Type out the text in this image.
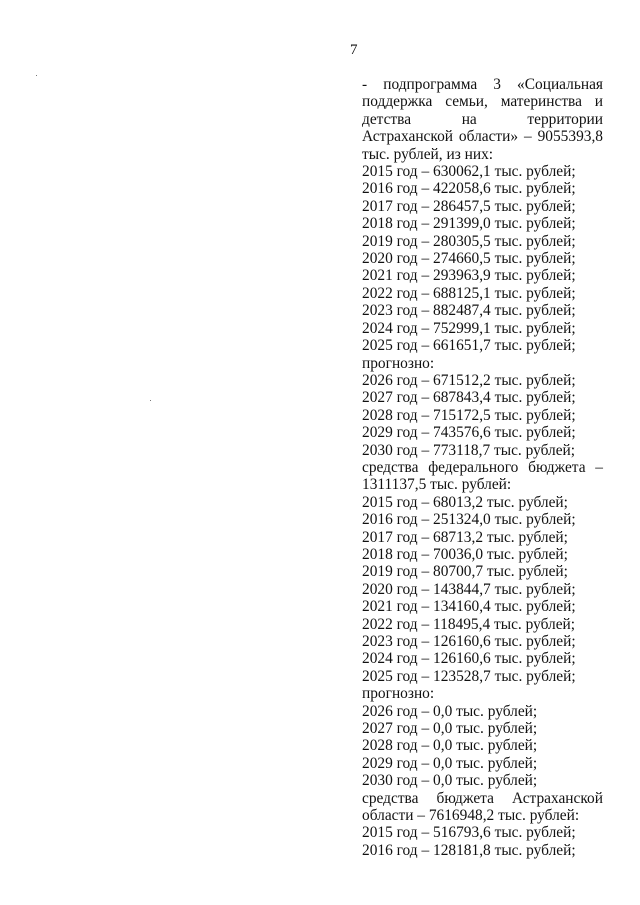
7
- подпрограмма 3 «Социальная поддержка семьи, материнства и детства на территории Астраханской области» – 9055393,8 тыс. рублей, из них:
2015 год – 630062,1 тыс. рублей;
2016 год – 422058,6 тыс. рублей;
2017 год – 286457,5 тыс. рублей;
2018 год – 291399,0 тыс. рублей;
2019 год – 280305,5 тыс. рублей;
2020 год – 274660,5 тыс. рублей;
2021 год – 293963,9 тыс. рублей;
2022 год – 688125,1 тыс. рублей;
2023 год – 882487,4 тыс. рублей;
2024 год – 752999,1 тыс. рублей;
2025 год – 661651,7 тыс. рублей;
прогнозно:
2026 год – 671512,2 тыс. рублей;
2027 год – 687843,4 тыс. рублей;
2028 год – 715172,5 тыс. рублей;
2029 год – 743576,6 тыс. рублей;
2030 год – 773118,7 тыс. рублей;
средства федерального бюджета – 1311137,5 тыс. рублей:
2015 год – 68013,2 тыс. рублей;
2016 год – 251324,0 тыс. рублей;
2017 год – 68713,2 тыс. рублей;
2018 год – 70036,0 тыс. рублей;
2019 год – 80700,7 тыс. рублей;
2020 год – 143844,7 тыс. рублей;
2021 год – 134160,4 тыс. рублей;
2022 год – 118495,4 тыс. рублей;
2023 год – 126160,6 тыс. рублей;
2024 год – 126160,6 тыс. рублей;
2025 год – 123528,7 тыс. рублей;
прогнозно:
2026 год – 0,0 тыс. рублей;
2027 год – 0,0 тыс. рублей;
2028 год – 0,0 тыс. рублей;
2029 год – 0,0 тыс. рублей;
2030 год – 0,0 тыс. рублей;
средства бюджета Астраханской области – 7616948,2 тыс. рублей:
2015 год – 516793,6 тыс. рублей;
2016 год – 128181,8 тыс. рублей;
